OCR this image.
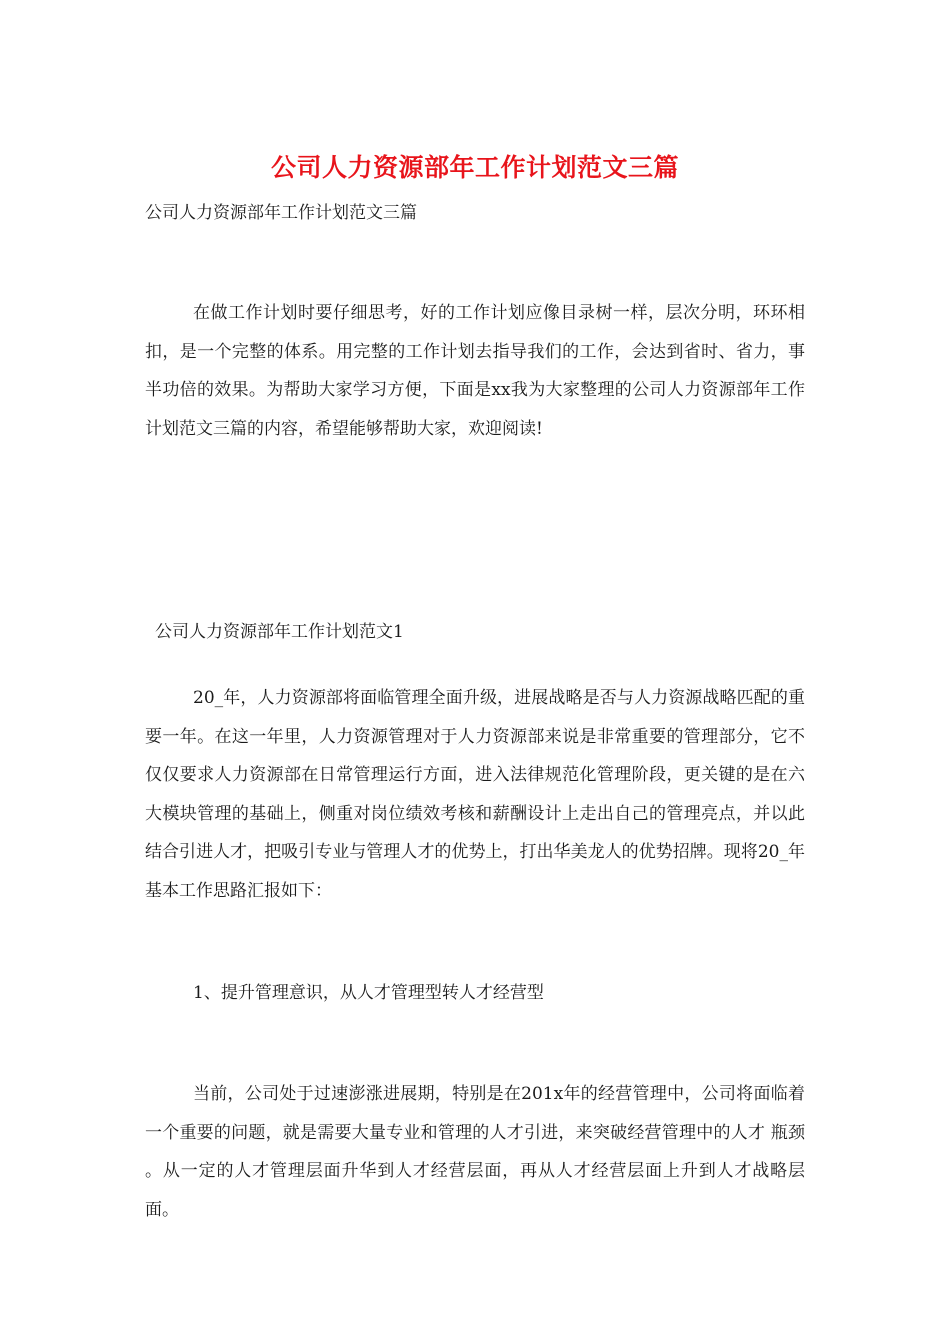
公司人力资源部年工作计划范文三篇
公司人力资源部年工作计划范文三篇

在做工作计划时要仔细思考，好的工作计划应像目录树一样，层次分明，环环相扣，是一个完整的体系。用完整的工作计划去指导我们的工作，会达到省时、省力，事半功倍的效果。为帮助大家学习方便，下面是xx我为大家整理的公司人力资源部年工作计划范文三篇的内容，希望能够帮助大家，欢迎阅读!

公司人力资源部年工作计划范文1

20_年，人力资源部将面临管理全面升级，进展战略是否与人力资源战略匹配的重要一年。在这一年里，人力资源管理对于人力资源部来说是非常重要的管理部分，它不仅仅要求人力资源部在日常管理运行方面，进入法律规范化管理阶段，更关键的是在六大模块管理的基础上，侧重对岗位绩效考核和薪酬设计上走出自己的管理亮点，并以此结合引进人才，把吸引专业与管理人才的优势上，打出华美龙人的优势招牌。现将20_年基本工作思路汇报如下：

1、提升管理意识，从人才管理型转人才经营型

当前，公司处于过速澎涨进展期，特别是在201x年的经营管理中，公司将面临着一个重要的问题，就是需要大量专业和管理的人才引进，来突破经营管理中的人才 瓶颈 。从一定的人才管理层面升华到人才经营层面，再从人才经营层面上升到人才战略层面。
